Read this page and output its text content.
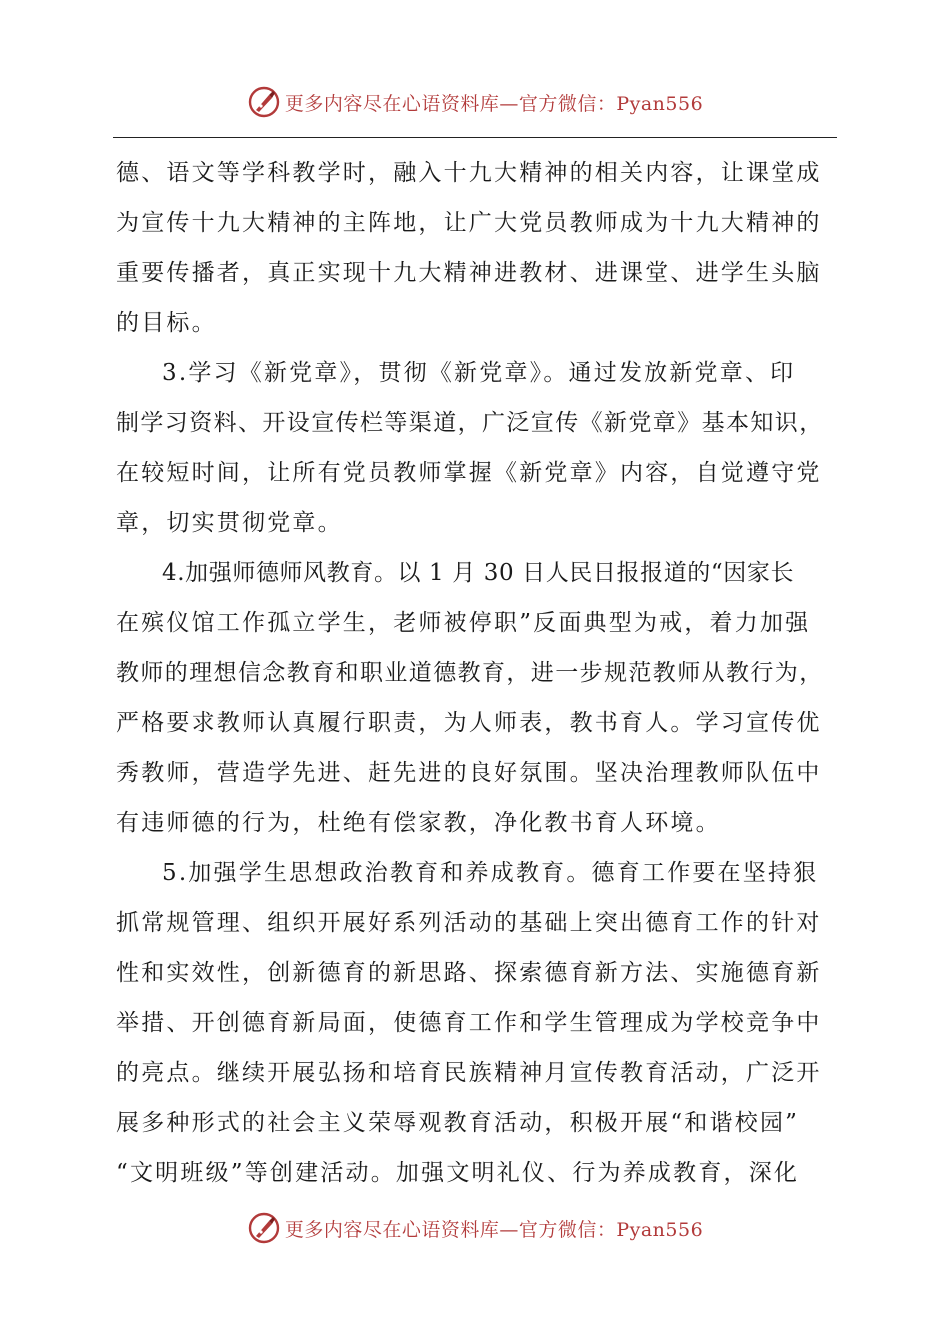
更多内容尽在心语资料库—官方微信：Pyan556
德、语文等学科教学时，融入十九大精神的相关内容，让课堂成
为宣传十九大精神的主阵地，让广大党员教师成为十九大精神的
重要传播者，真正实现十九大精神进教材、进课堂、进学生头脑
的目标。
3.学习《新党章》，贯彻《新党章》。通过发放新党章、印
制学习资料、开设宣传栏等渠道，广泛宣传《新党章》基本知识，
在较短时间，让所有党员教师掌握《新党章》内容，自觉遵守党
章，切实贯彻党章。
4.加强师德师风教育。以 1 月 30 日人民日报报道的“因家长
在殡仪馆工作孤立学生，老师被停职”反面典型为戒，着力加强
教师的理想信念教育和职业道德教育，进一步规范教师从教行为，
严格要求教师认真履行职责，为人师表，教书育人。学习宣传优
秀教师，营造学先进、赶先进的良好氛围。坚决治理教师队伍中
有违师德的行为，杜绝有偿家教，净化教书育人环境。
5.加强学生思想政治教育和养成教育。德育工作要在坚持狠
抓常规管理、组织开展好系列活动的基础上突出德育工作的针对
性和实效性，创新德育的新思路、探索德育新方法、实施德育新
举措、开创德育新局面，使德育工作和学生管理成为学校竞争中
的亮点。继续开展弘扬和培育民族精神月宣传教育活动，广泛开
展多种形式的社会主义荣辱观教育活动，积极开展“和谐校园”
“文明班级”等创建活动。加强文明礼仪、行为养成教育，深化
更多内容尽在心语资料库—官方微信：Pyan556
